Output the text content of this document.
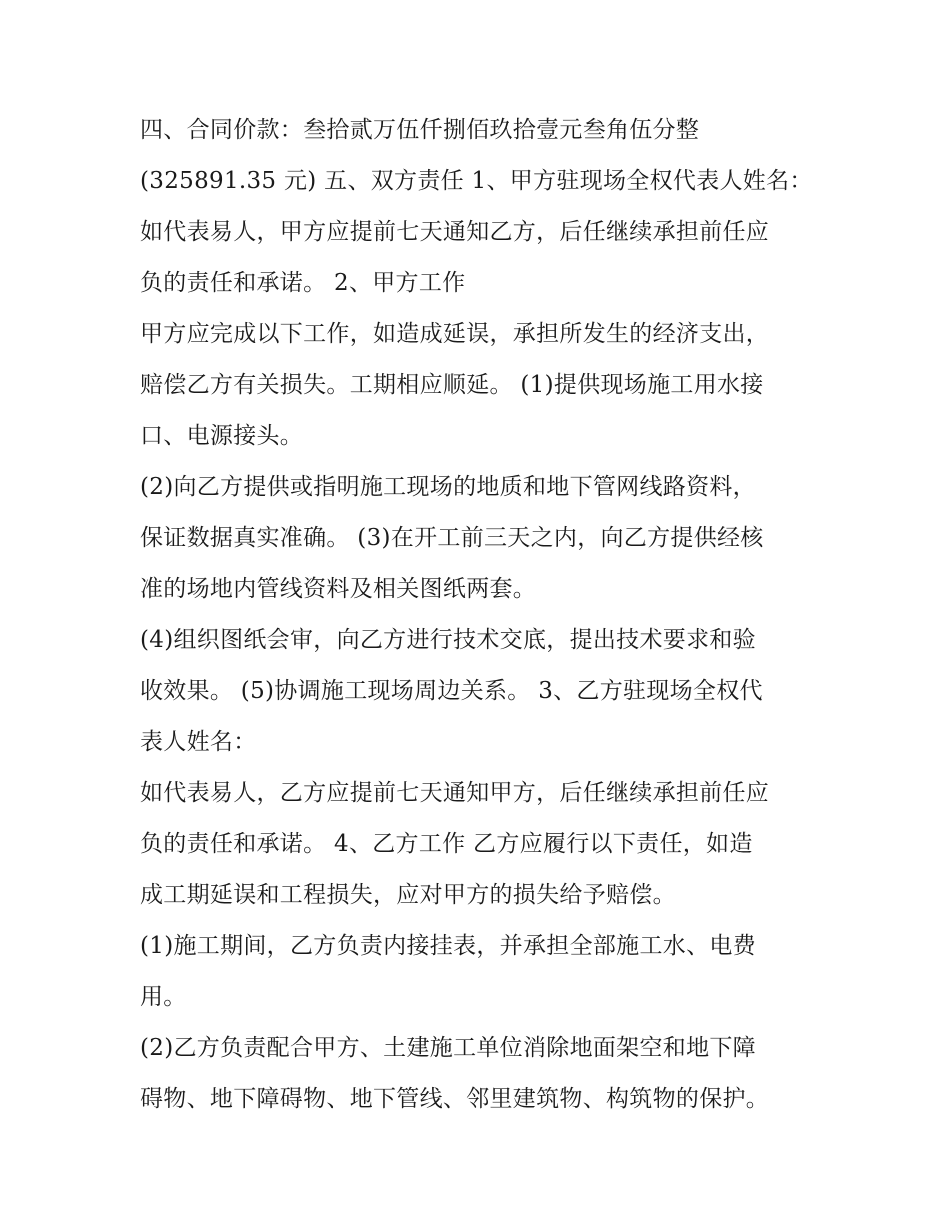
四、合同价款：叁拾贰万伍仟捌佰玖拾壹元叁角伍分整
(325891.35 元) 五、双方责任 1、甲方驻现场全权代表人姓名：
如代表易人，甲方应提前七天通知乙方，后任继续承担前任应
负的责任和承诺。 2、甲方工作
甲方应完成以下工作，如造成延误，承担所发生的经济支出，
赔偿乙方有关损失。工期相应顺延。 (1)提供现场施工用水接
口、电源接头。
(2)向乙方提供或指明施工现场的地质和地下管网线路资料，
保证数据真实准确。 (3)在开工前三天之内，向乙方提供经核
准的场地内管线资料及相关图纸两套。
(4)组织图纸会审，向乙方进行技术交底，提出技术要求和验
收效果。 (5)协调施工现场周边关系。 3、乙方驻现场全权代
表人姓名：
如代表易人，乙方应提前七天通知甲方，后任继续承担前任应
负的责任和承诺。 4、乙方工作 乙方应履行以下责任，如造
成工期延误和工程损失，应对甲方的损失给予赔偿。
(1)施工期间，乙方负责内接挂表，并承担全部施工水、电费
用。
(2)乙方负责配合甲方、土建施工单位消除地面架空和地下障
碍物、地下障碍物、地下管线、邻里建筑物、构筑物的保护。
